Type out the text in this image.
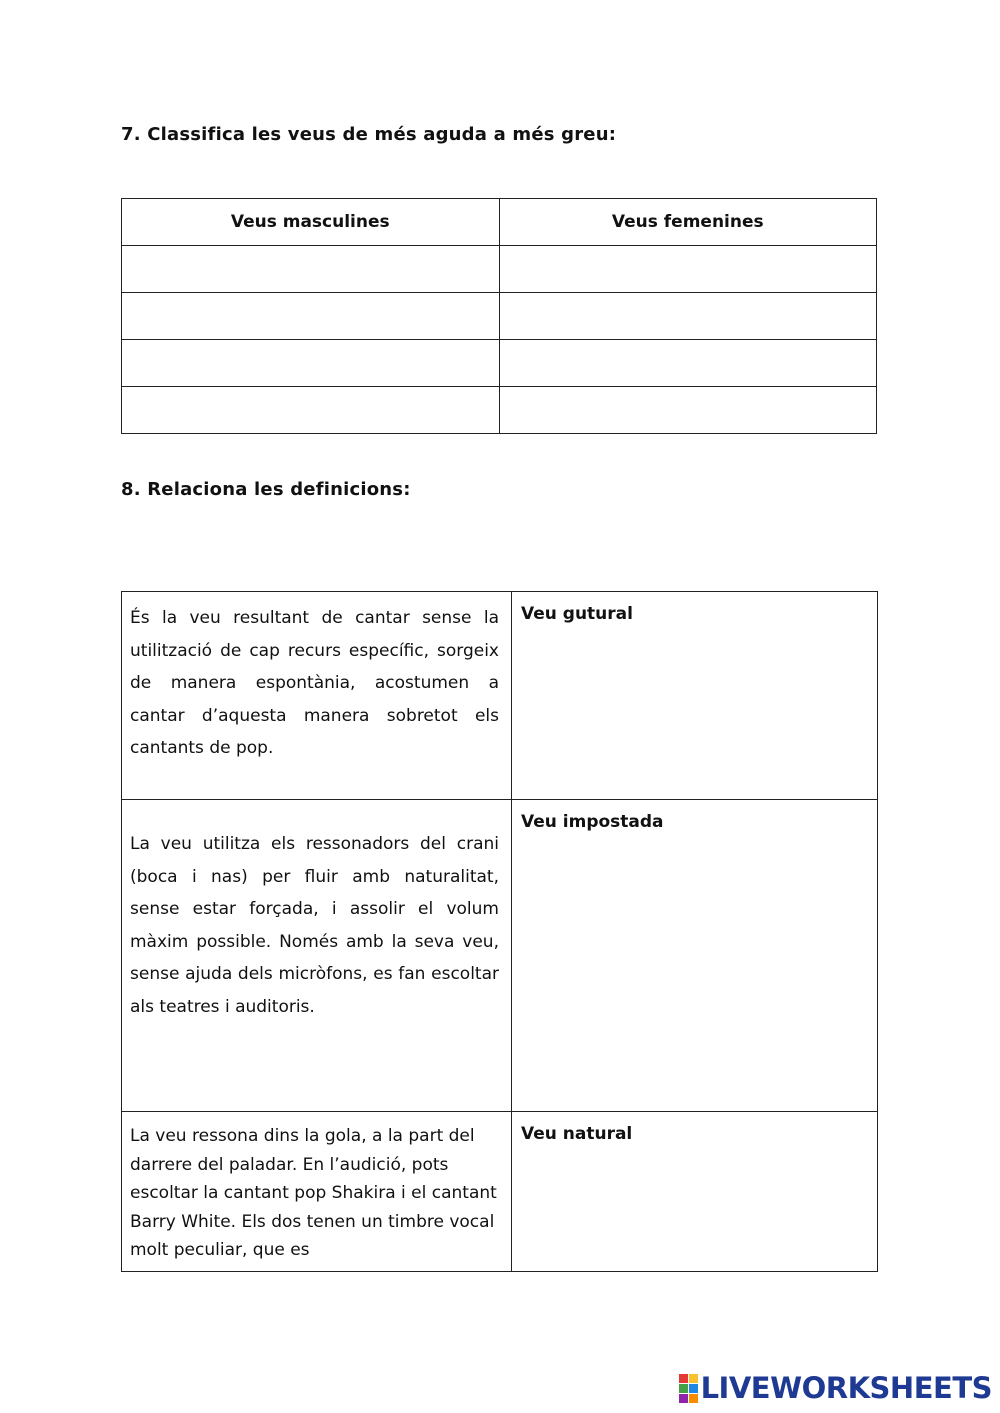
7. Classifica les veus de més aguda a més greu:
Veus masculines	Veus femenines

8. Relaciona les definicions:

És la veu resultant de cantar sense la utilització de cap recurs específic, sorgeix de manera espontània, acostumen a cantar d’aquesta manera sobretot els cantants de pop.	Veu gutural

La veu utilitza els ressonadors del crani (boca i nas) per fluir amb naturalitat, sense estar forçada, i assolir el volum màxim possible. Només amb la seva veu, sense ajuda dels micròfons, es fan escoltar als teatres i auditoris.	Veu impostada

La veu ressona dins la gola, a la part del darrere del paladar. En l’audició, pots escoltar la cantant pop Shakira i el cantant Barry White. Els dos tenen un timbre vocal molt peculiar, que es	Veu natural

LIVEWORKSHEETS
